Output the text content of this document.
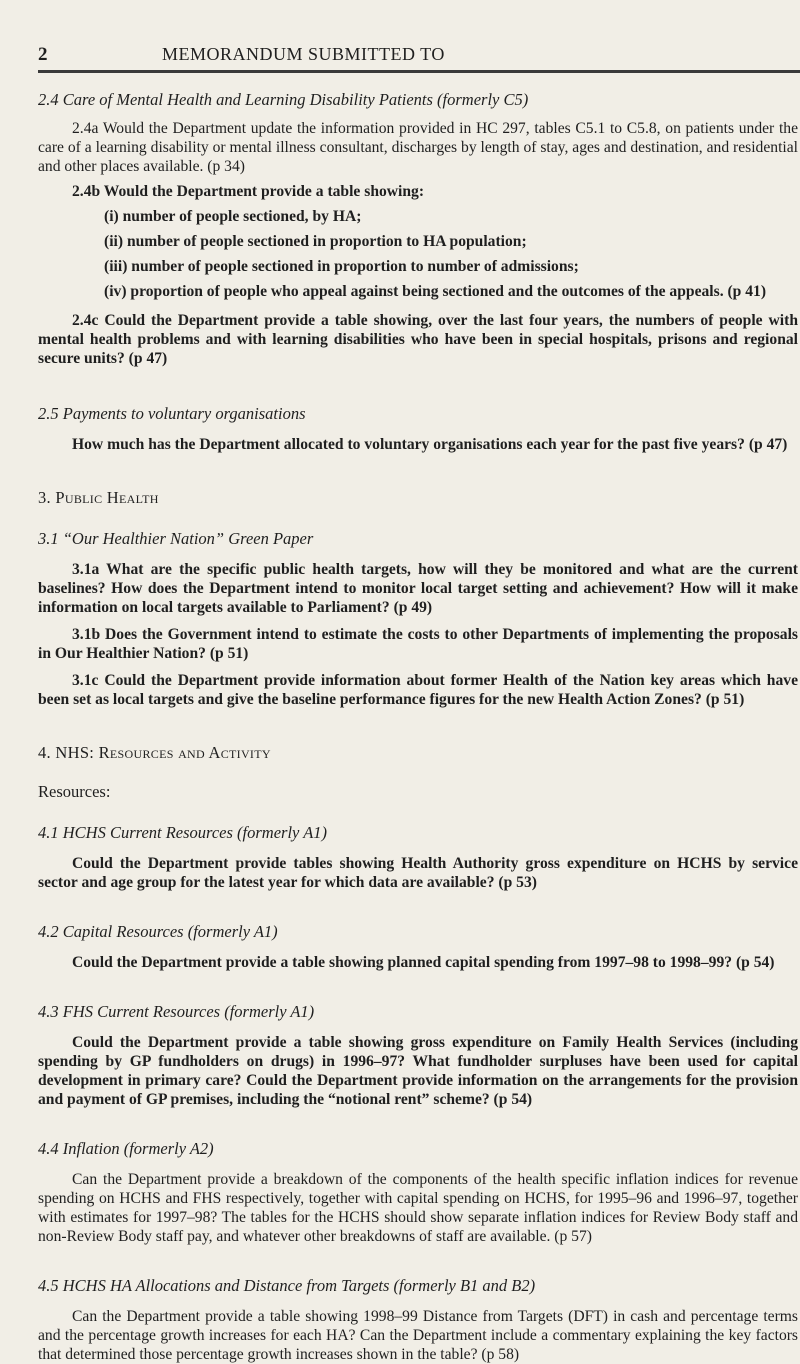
2	MEMORANDUM SUBMITTED TO

2.4 Care of Mental Health and Learning Disability Patients (formerly C5)

2.4a Would the Department update the information provided in HC 297, tables C5.1 to C5.8, on patients under the care of a learning disability or mental illness consultant, discharges by length of stay, ages and destination, and residential and other places available. (p 34)

2.4b Would the Department provide a table showing:

(i) number of people sectioned, by HA;

(ii) number of people sectioned in proportion to HA population;

(iii) number of people sectioned in proportion to number of admissions;

(iv) proportion of people who appeal against being sectioned and the outcomes of the appeals. (p 41)

2.4c Could the Department provide a table showing, over the last four years, the numbers of people with mental health problems and with learning disabilities who have been in special hospitals, prisons and regional secure units? (p 47)

2.5 Payments to voluntary organisations

How much has the Department allocated to voluntary organisations each year for the past five years? (p 47)

3. Public Health

3.1 “Our Healthier Nation” Green Paper

3.1a What are the specific public health targets, how will they be monitored and what are the current baselines? How does the Department intend to monitor local target setting and achievement? How will it make information on local targets available to Parliament? (p 49)

3.1b Does the Government intend to estimate the costs to other Departments of implementing the proposals in Our Healthier Nation? (p 51)

3.1c Could the Department provide information about former Health of the Nation key areas which have been set as local targets and give the baseline performance figures for the new Health Action Zones? (p 51)

4. NHS: Resources and Activity

Resources:

4.1 HCHS Current Resources (formerly A1)

Could the Department provide tables showing Health Authority gross expenditure on HCHS by service sector and age group for the latest year for which data are available? (p 53)

4.2 Capital Resources (formerly A1)

Could the Department provide a table showing planned capital spending from 1997–98 to 1998–99? (p 54)

4.3 FHS Current Resources (formerly A1)

Could the Department provide a table showing gross expenditure on Family Health Services (including spending by GP fundholders on drugs) in 1996–97? What fundholder surpluses have been used for capital development in primary care? Could the Department provide information on the arrangements for the provision and payment of GP premises, including the “notional rent” scheme? (p 54)

4.4 Inflation (formerly A2)

Can the Department provide a breakdown of the components of the health specific inflation indices for revenue spending on HCHS and FHS respectively, together with capital spending on HCHS, for 1995–96 and 1996–97, together with estimates for 1997–98? The tables for the HCHS should show separate inflation indices for Review Body staff and non-Review Body staff pay, and whatever other breakdowns of staff are available. (p 57)

4.5 HCHS HA Allocations and Distance from Targets (formerly B1 and B2)

Can the Department provide a table showing 1998–99 Distance from Targets (DFT) in cash and percentage terms and the percentage growth increases for each HA? Can the Department include a commentary explaining the key factors that determined those percentage growth increases shown in the table? (p 58)
